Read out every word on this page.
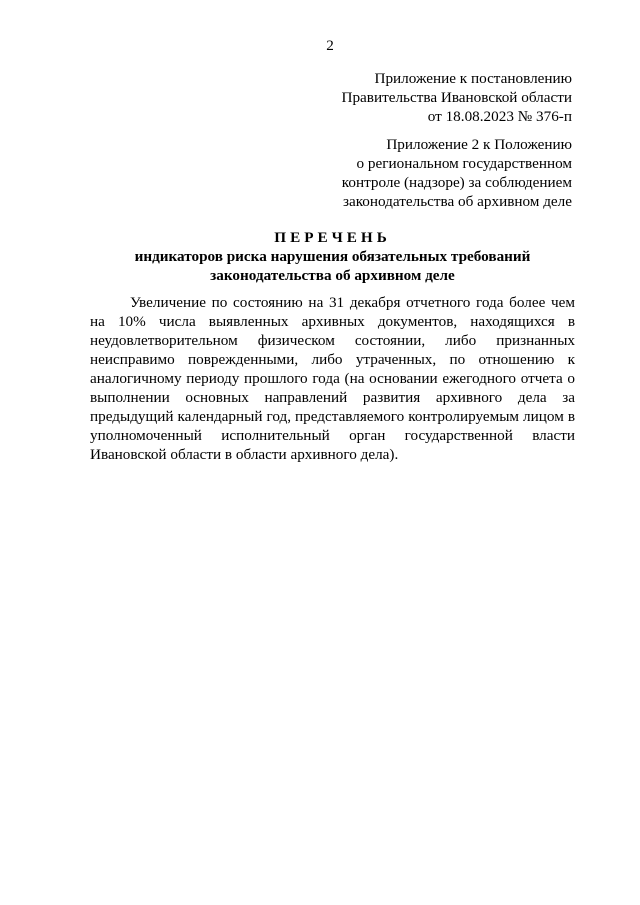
2
Приложение к постановлению
Правительства Ивановской области
от 18.08.2023 № 376-п
Приложение 2 к Положению
о региональном государственном
контроле (надзоре) за соблюдением
законодательства об архивном деле
ПЕРЕЧЕНЬ
индикаторов риска нарушения обязательных требований
законодательства об архивном деле
Увеличение по состоянию на 31 декабря отчетного года более чем на 10% числа выявленных архивных документов, находящихся в неудовлетворительном физическом состоянии, либо признанных неисправимо поврежденными, либо утраченных, по отношению к аналогичному периоду прошлого года (на основании ежегодного отчета о выполнении основных направлений развития архивного дела за предыдущий календарный год, представляемого контролируемым лицом в уполномоченный исполнительный орган государственной власти Ивановской области в области архивного дела).
